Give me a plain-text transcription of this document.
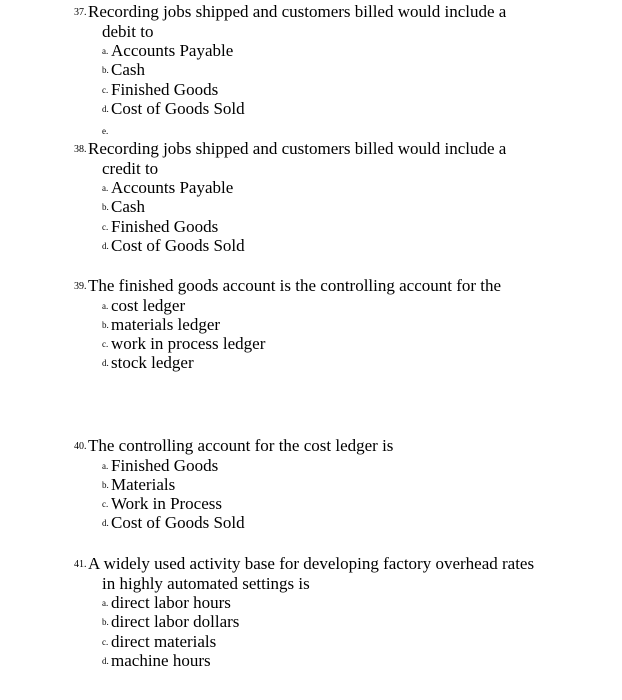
37. Recording jobs shipped and customers billed would include a
debit to
a. Accounts Payable
b. Cash
c. Finished Goods
d. Cost of Goods Sold
e.
38. Recording jobs shipped and customers billed would include a
credit to
a. Accounts Payable
b. Cash
c. Finished Goods
d. Cost of Goods Sold
39. The finished goods account is the controlling account for the
a. cost ledger
b. materials ledger
c. work in process ledger
d. stock ledger
40. The controlling account for the cost ledger is
a. Finished Goods
b. Materials
c. Work in Process
d. Cost of Goods Sold
41. A widely used activity base for developing factory overhead rates
in highly automated settings is
a. direct labor hours
b. direct labor dollars
c. direct materials
d. machine hours
